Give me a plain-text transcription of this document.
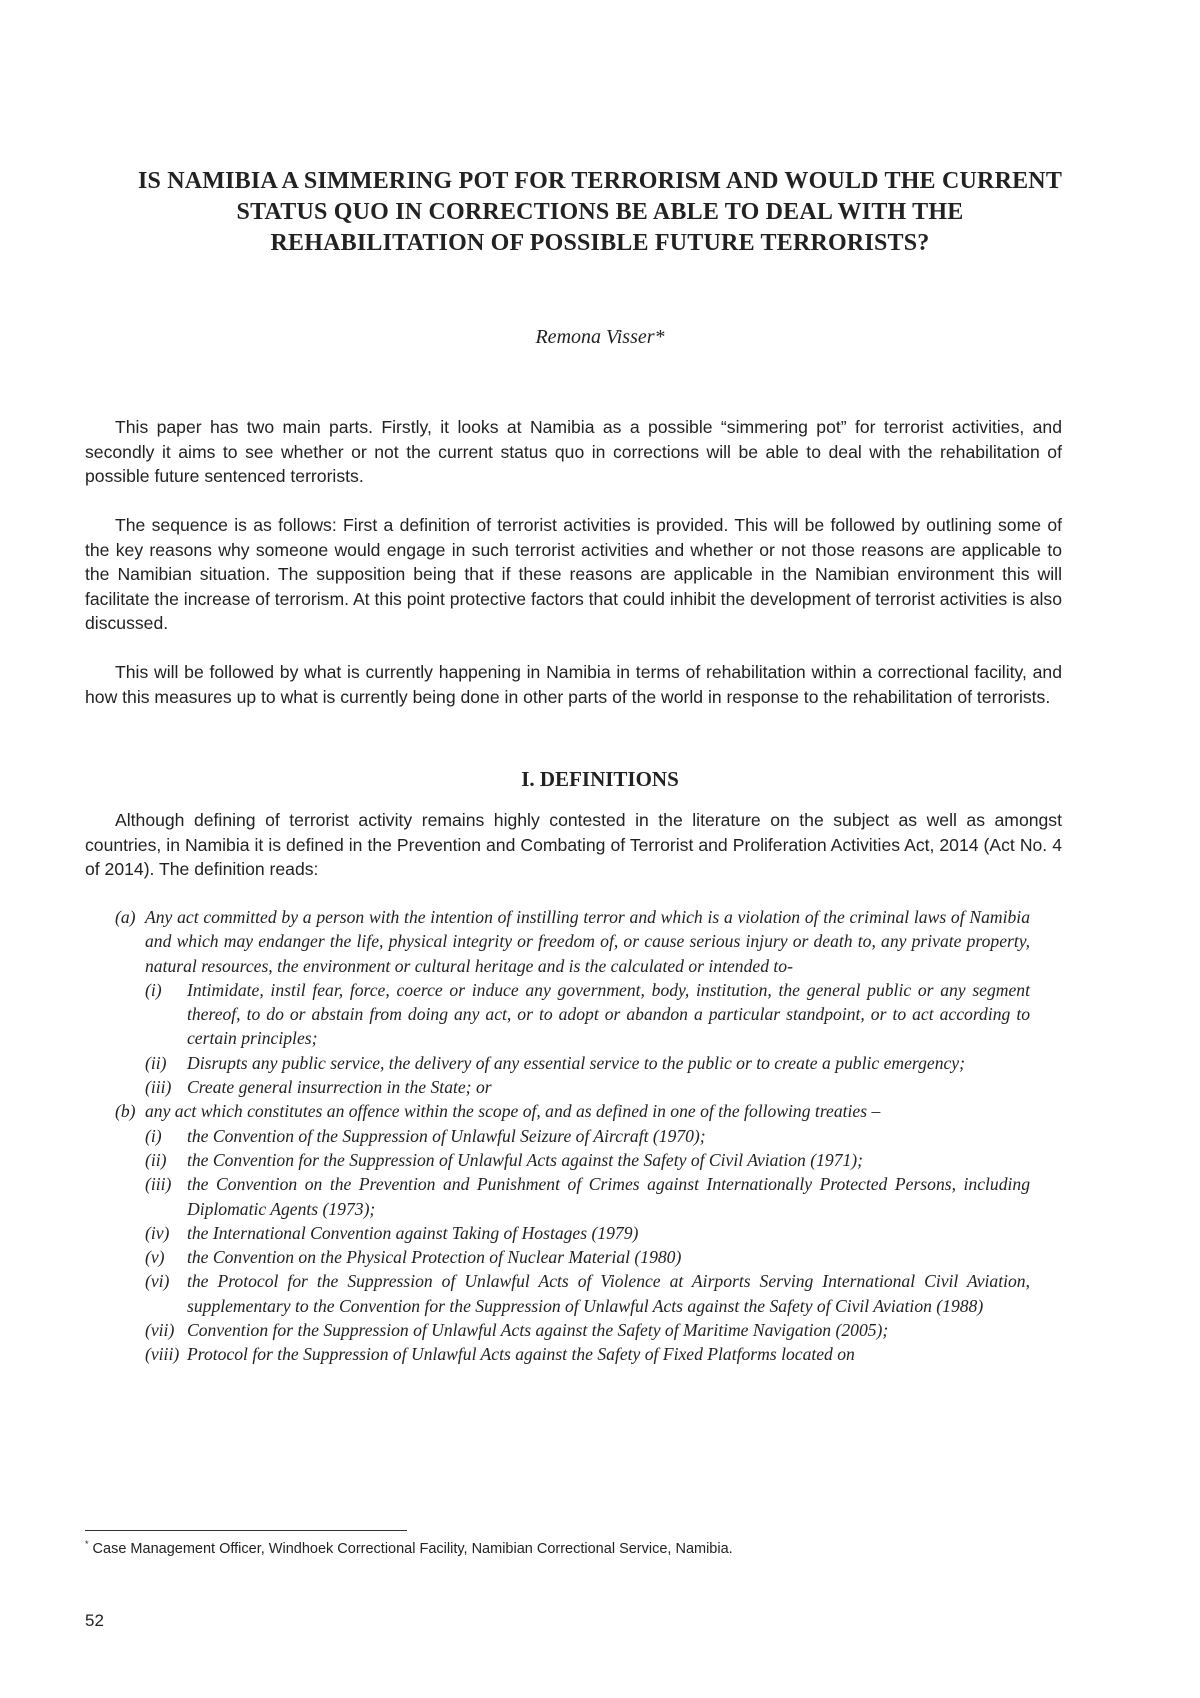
IS NAMIBIA A SIMMERING POT FOR TERRORISM AND WOULD THE CURRENT STATUS QUO IN CORRECTIONS BE ABLE TO DEAL WITH THE REHABILITATION OF POSSIBLE FUTURE TERRORISTS?

Remona Visser*

This paper has two main parts. Firstly, it looks at Namibia as a possible “simmering pot” for terrorist activities, and secondly it aims to see whether or not the current status quo in corrections will be able to deal with the rehabilitation of possible future sentenced terrorists.

The sequence is as follows: First a definition of terrorist activities is provided. This will be followed by outlining some of the key reasons why someone would engage in such terrorist activities and whether or not those reasons are applicable to the Namibian situation. The supposition being that if these reasons are applicable in the Namibian environment this will facilitate the increase of terrorism. At this point protective factors that could inhibit the development of terrorist activities is also discussed.

This will be followed by what is currently happening in Namibia in terms of rehabilitation within a correctional facility, and how this measures up to what is currently being done in other parts of the world in response to the rehabilitation of terrorists.

I. DEFINITIONS

Although defining of terrorist activity remains highly contested in the literature on the subject as well as amongst countries, in Namibia it is defined in the Prevention and Combating of Terrorist and Proliferation Activities Act, 2014 (Act No. 4 of 2014). The definition reads:

(a) Any act committed by a person with the intention of instilling terror and which is a violation of the criminal laws of Namibia and which may endanger the life, physical integrity or freedom of, or cause serious injury or death to, any private property, natural resources, the environment or cultural heritage and is the calculated or intended to-
(i)	Intimidate, instil fear, force, coerce or induce any government, body, institution, the general public or any segment thereof, to do or abstain from doing any act, or to adopt or abandon a particular standpoint, or to act according to certain principles;
(ii)	Disrupts any public service, the delivery of any essential service to the public or to create a public emergency;
(iii) Create general insurrection in the State; or
(b) any act which constitutes an offence within the scope of, and as defined in one of the following treaties –
(i)	the Convention of the Suppression of Unlawful Seizure of Aircraft (1970);
(ii)	the Convention for the Suppression of Unlawful Acts against the Safety of Civil Aviation (1971);
(iii) the Convention on the Prevention and Punishment of Crimes against Internationally Protected Persons, including Diplomatic Agents (1973);
(iv) the International Convention against Taking of Hostages (1979)
(v)	the Convention on the Physical Protection of Nuclear Material (1980)
(vi) the Protocol for the Suppression of Unlawful Acts of Violence at Airports Serving International Civil Aviation, supplementary to the Convention for the Suppression of Unlawful Acts against the Safety of Civil Aviation (1988)
(vii) Convention for the Suppression of Unlawful Acts against the Safety of Maritime Navigation (2005);
(viii) Protocol for the Suppression of Unlawful Acts against the Safety of Fixed Platforms located on

* Case Management Officer, Windhoek Correctional Facility, Namibian Correctional Service, Namibia.

52
